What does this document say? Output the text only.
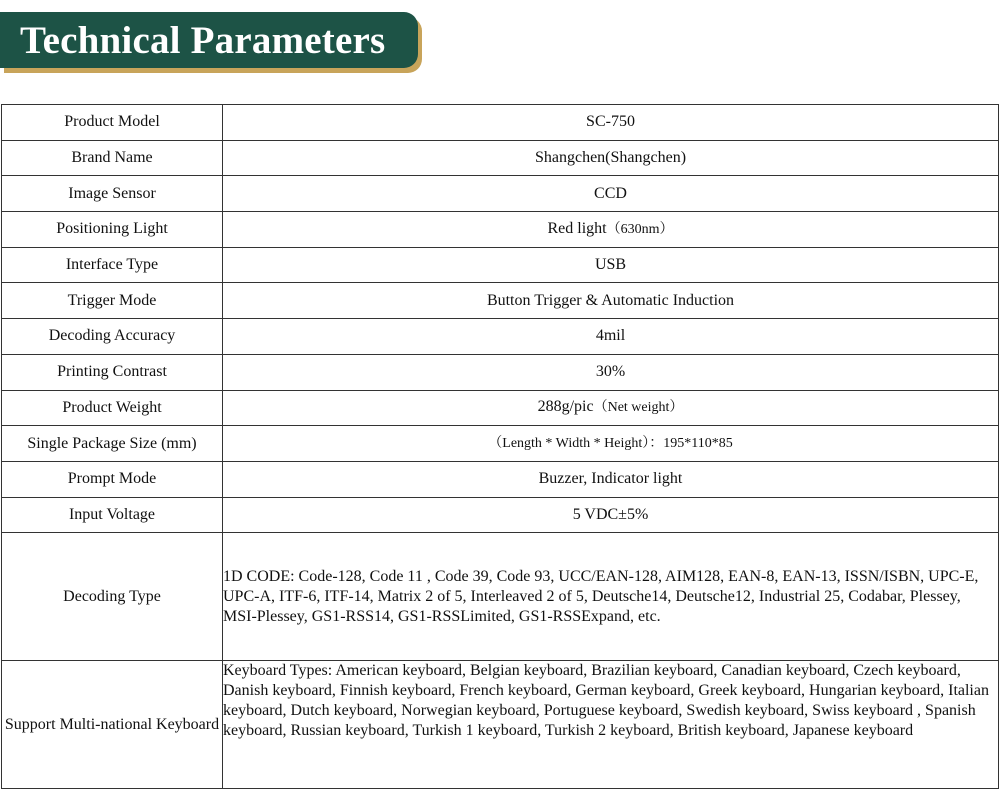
Technical Parameters
Product Model	SC-750
Brand Name	Shangchen(Shangchen)
Image Sensor	CCD
Positioning Light	Red light（630nm）
Interface Type	USB
Trigger Mode	Button Trigger & Automatic Induction
Decoding Accuracy	4mil
Printing Contrast	30%
Product Weight	288g/pic（Net weight）
Single Package Size (mm)	（Length * Width * Height）：195*110*85
Prompt Mode	Buzzer, Indicator light
Input Voltage	5 VDC±5%
Decoding Type	1D CODE: Code-128, Code 11 , Code 39, Code 93, UCC/EAN-128, AIM128, EAN-8, EAN-13, ISSN/ISBN, UPC-E, UPC-A, ITF-6, ITF-14, Matrix 2 of 5, Interleaved 2 of 5, Deutsche14, Deutsche12, Industrial 25, Codabar, Plessey, MSI-Plessey, GS1-RSS14, GS1-RSSLimited, GS1-RSSExpand, etc.
Support Multi-national Keyboard	Keyboard Types: American keyboard, Belgian keyboard, Brazilian keyboard, Canadian keyboard, Czech keyboard, Danish keyboard, Finnish keyboard, French keyboard, German keyboard, Greek keyboard, Hungarian keyboard, Italian keyboard, Dutch keyboard, Norwegian keyboard, Portuguese keyboard, Swedish keyboard, Swiss keyboard , Spanish keyboard, Russian keyboard, Turkish 1 keyboard, Turkish 2 keyboard, British keyboard, Japanese keyboard
